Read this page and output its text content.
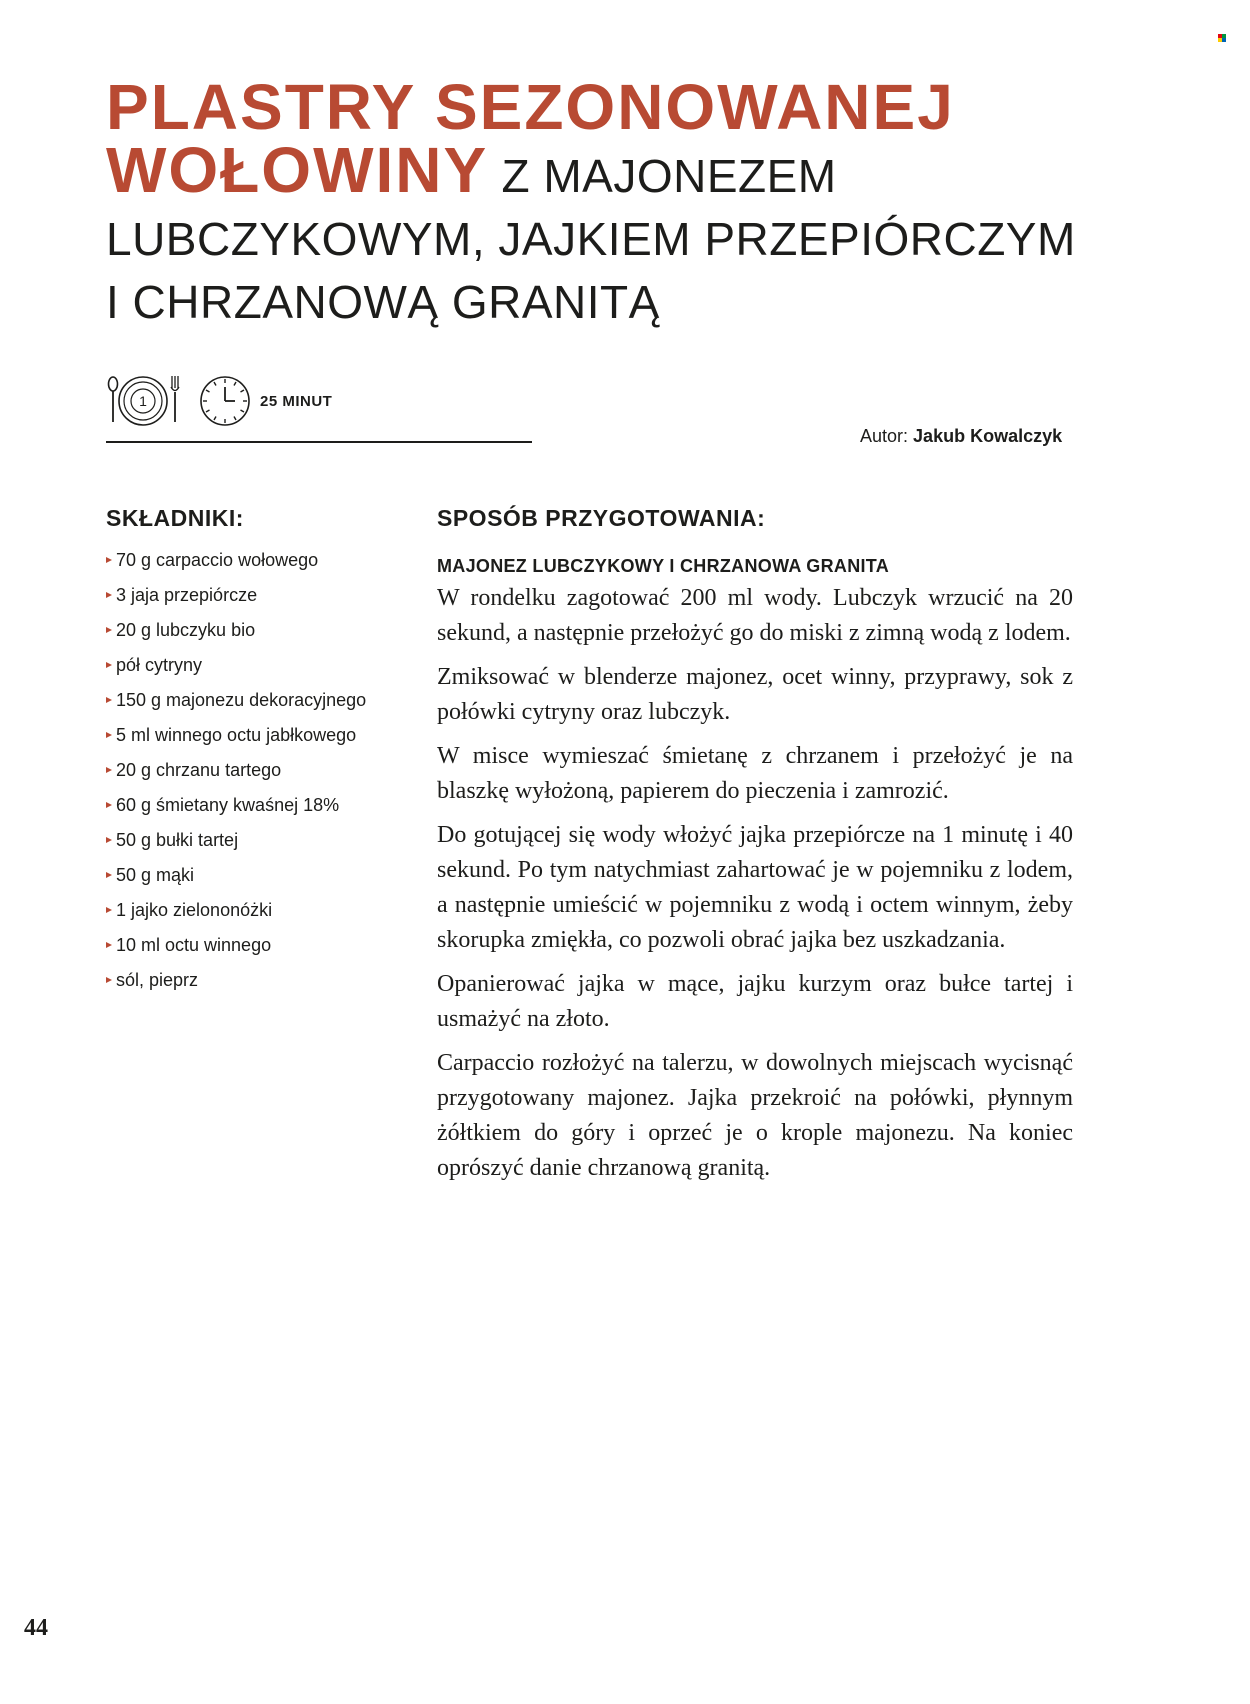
PLASTRY SEZONOWANEJ
WOŁOWINY Z MAJONEZEM
LUBCZYKOWYM, JAJKIEM PRZEPIÓRCZYM
I CHRZANOWĄ GRANITĄ
1	25 MINUT
Autor: Jakub Kowalczyk
SKŁADNIKI:
70 g carpaccio wołowego
3 jaja przepiórcze
20 g lubczyku bio
pół cytryny
150 g majonezu dekoracyjnego
5 ml winnego octu jabłkowego
20 g chrzanu tartego
60 g śmietany kwaśnej 18%
50 g bułki tartej
50 g mąki
1 jajko zielononóżki
10 ml octu winnego
sól, pieprz
SPOSÓB PRZYGOTOWANIA:
MAJONEZ LUBCZYKOWY I CHRZANOWA GRANITA

W rondelku zagotować 200 ml wody. Lubczyk wrzucić na 20 sekund, a następnie przełożyć go do miski z zimną wodą z lodem.

Zmiksować w blenderze majonez, ocet winny, przyprawy, sok z połówki cytryny oraz lubczyk.

W misce wymieszać śmietanę z chrzanem i przełożyć je na blaszkę wyłożoną, papierem do pieczenia i zamrozić.

Do gotującej się wody włożyć jajka przepiórcze na 1 minutę i 40 sekund. Po tym natychmiast zahartować je w pojemniku z lodem, a następnie umieścić w pojemniku z wodą i octem winnym, żeby skorupka zmiękła, co pozwoli obrać jajka bez uszkadzania.

Opanierować jajka w mące, jajku kurzym oraz bułce tartej i usmażyć na złoto.

Carpaccio rozłożyć na talerzu, w dowolnych miejscach wycisnąć przygotowany majonez. Jajka przekroić na połówki, płynnym żółtkiem do góry i oprzeć je o krople majonezu. Na koniec oprószyć danie chrzanową granitą.

44
